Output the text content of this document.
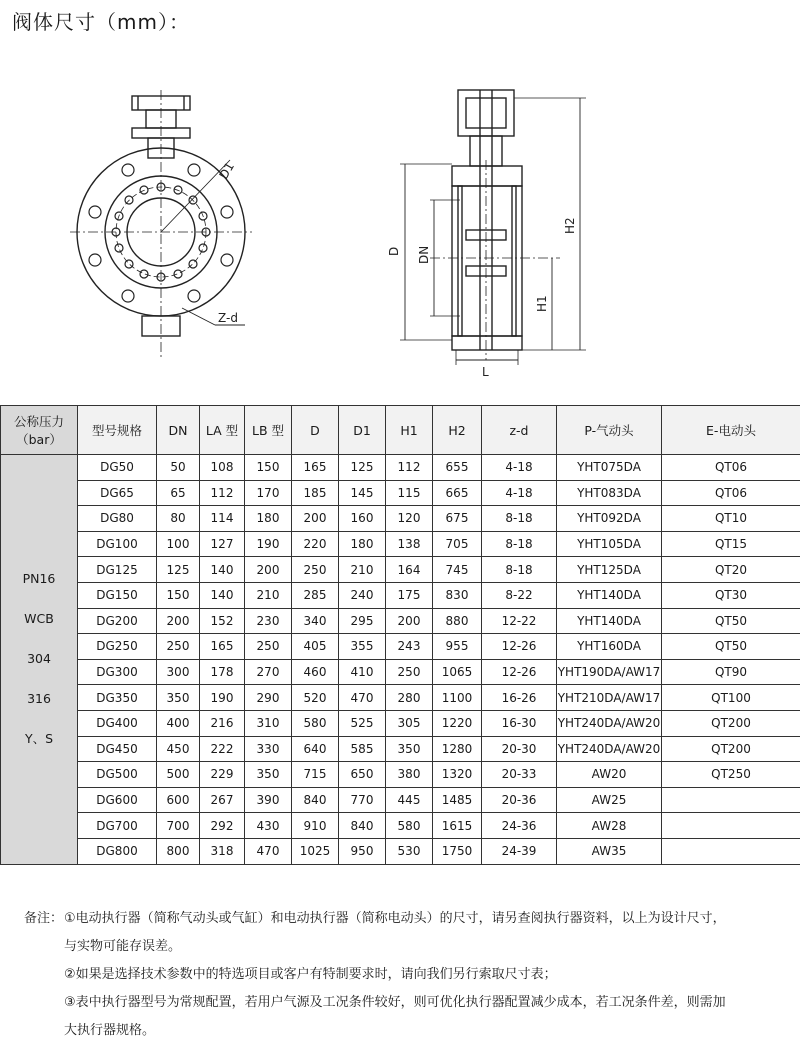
阀体尺寸（mm）：
D1
Z-d
D DN
H1
H2
L
公称压力
（bar）	型号规格	DN	LA 型	LB 型	D	D1	H1	H2	z-d	P-气动头	E-电动头

PN16
WCB
304
316
Y、S	DG50	50	108	150	165	125	112	655	4-18	YHT075DA	QT06
	DG65	65	112	170	185	145	115	665	4-18	YHT083DA	QT06
	DG80	80	114	180	200	160	120	675	8-18	YHT092DA	QT10
	DG100	100	127	190	220	180	138	705	8-18	YHT105DA	QT15
	DG125	125	140	200	250	210	164	745	8-18	YHT125DA	QT20
	DG150	150	140	210	285	240	175	830	8-22	YHT140DA	QT30
	DG200	200	152	230	340	295	200	880	12-22	YHT140DA	QT50
	DG250	250	165	250	405	355	243	955	12-26	YHT160DA	QT50
	DG300	300	178	270	460	410	250	1065	12-26	YHT190DA/AW17	QT90
	DG350	350	190	290	520	470	280	1100	16-26	YHT210DA/AW17	QT100
	DG400	400	216	310	580	525	305	1220	16-30	YHT240DA/AW20	QT200
	DG450	450	222	330	640	585	350	1280	20-30	YHT240DA/AW20	QT200
	DG500	500	229	350	715	650	380	1320	20-33	AW20	QT250
	DG600	600	267	390	840	770	445	1485	20-36	AW25	
	DG700	700	292	430	910	840	580	1615	24-36	AW28	
	DG800	800	318	470	1025	950	530	1750	24-39	AW35	
备注： ①电动执行器（简称气动头或气缸）和电动执行器（简称电动头）的尺寸，请另查阅执行器资料，以上为设计尺寸，
与实物可能存误差。
②如果是选择技术参数中的特选项目或客户有特制要求时，请向我们另行索取尺寸表；
③表中执行器型号为常规配置，若用户气源及工况条件较好，则可优化执行器配置减少成本，若工况条件差，则需加
大执行器规格。
